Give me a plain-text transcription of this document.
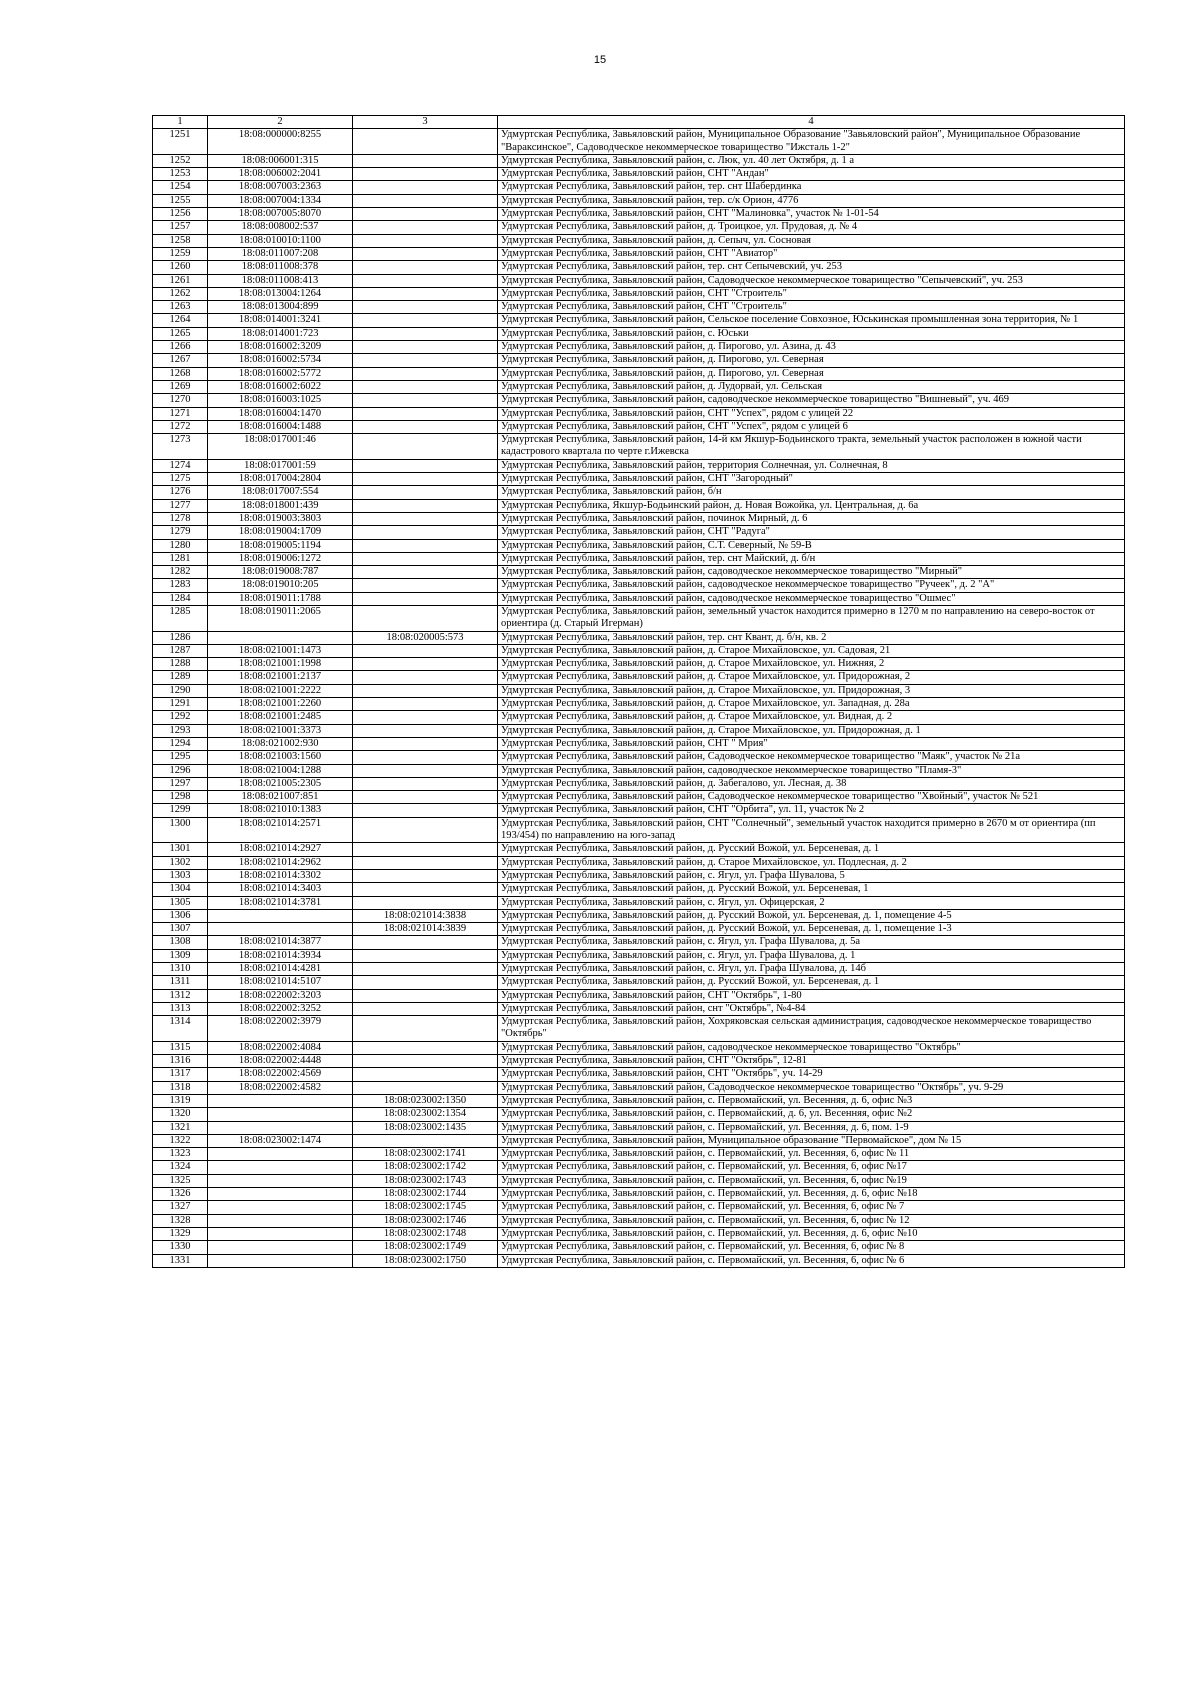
15
1	2	3	4
1251	18:08:000000:8255		Удмуртская Республика, Завьяловский район, Муниципальное Образование "Завьяловский район", Муниципальное Образование "Вараксинское", Садоводческое некоммерческое товарищество "Ижсталь 1-2"
1252	18:08:006001:315		Удмуртская Республика, Завьяловский район, с. Люк, ул. 40 лет Октября, д. 1 а
1253	18:08:006002:2041		Удмуртская Республика, Завьяловский район, СНТ "Андан"
1254	18:08:007003:2363		Удмуртская Республика, Завьяловский район, тер. снт Шабердинка
1255	18:08:007004:1334		Удмуртская Республика, Завьяловский район, тер. с/к Орион, 4776
1256	18:08:007005:8070		Удмуртская Республика, Завьяловский район, СНТ "Малиновка", участок № 1-01-54
1257	18:08:008002:537		Удмуртская Республика, Завьяловский район, д. Троицкое, ул. Прудовая, д. № 4
1258	18:08:010010:1100		Удмуртская Республика, Завьяловский район, д. Сепыч, ул. Сосновая
1259	18:08:011007:208		Удмуртская Республика, Завьяловский район, СНТ "Авиатор"
1260	18:08:011008:378		Удмуртская Республика, Завьяловский район, тер. снт Сепычевский, уч. 253
1261	18:08:011008:413		Удмуртская Республика, Завьяловский район, Садоводческое некоммерческое товарищество "Сепычевский", уч. 253
1262	18:08:013004:1264		Удмуртская Республика, Завьяловский район, СНТ "Строитель"
1263	18:08:013004:899		Удмуртская Республика, Завьяловский район, СНТ "Строитель"
1264	18:08:014001:3241		Удмуртская Республика, Завьяловский район, Сельское поселение Совхозное, Юськинская промышленная зона территория, № 1
1265	18:08:014001:723		Удмуртская Республика, Завьяловский район, с. Юськи
1266	18:08:016002:3209		Удмуртская Республика, Завьяловский район, д. Пирогово, ул. Азина, д. 43
1267	18:08:016002:5734		Удмуртская Республика, Завьяловский район, д. Пирогово, ул. Северная
1268	18:08:016002:5772		Удмуртская Республика, Завьяловский район, д. Пирогово, ул. Северная
1269	18:08:016002:6022		Удмуртская Республика, Завьяловский район, д. Лудорвай, ул. Сельская
1270	18:08:016003:1025		Удмуртская Республика, Завьяловский район, садоводческое некоммерческое товарищество "Вишневый", уч. 469
1271	18:08:016004:1470		Удмуртская Республика, Завьяловский район, СНТ "Успех", рядом с улицей 22
1272	18:08:016004:1488		Удмуртская Республика, Завьяловский район, СНТ "Успех", рядом с улицей 6
1273	18:08:017001:46		Удмуртская Республика, Завьяловский район, 14-й км Якшур-Бодьинского тракта, земельный участок расположен в южной части кадастрового квартала по черте г.Ижевска
1274	18:08:017001:59		Удмуртская Республика, Завьяловский район, территория Солнечная, ул. Солнечная, 8
1275	18:08:017004:2804		Удмуртская Республика, Завьяловский район, СНТ "Загородный"
1276	18:08:017007:554		Удмуртская Республика, Завьяловский район, б/н
1277	18:08:018001:439		Удмуртская Республика, Якшур-Бодьинский район, д. Новая Вожойка, ул. Центральная, д. 6а
1278	18:08:019003:3803		Удмуртская Республика, Завьяловский район, починок Мирный, д. 6
1279	18:08:019004:1709		Удмуртская Республика, Завьяловский район, СНТ "Радуга"
1280	18:08:019005:1194		Удмуртская Республика, Завьяловский район, С.Т. Северный, № 59-В
1281	18:08:019006:1272		Удмуртская Республика, Завьяловский район, тер. снт Майский, д. б/н
1282	18:08:019008:787		Удмуртская Республика, Завьяловский район, садоводческое некоммерческое товарищество "Мирный"
1283	18:08:019010:205		Удмуртская Республика, Завьяловский район, садоводческое некоммерческое товарищество "Ручеек", д. 2 "А"
1284	18:08:019011:1788		Удмуртская Республика, Завьяловский район, садоводческое некоммерческое товарищество "Ошмес"
1285	18:08:019011:2065		Удмуртская Республика, Завьяловский район, земельный участок находится примерно в 1270 м по направлению на северо-восток от ориентира (д. Старый Игерман)
1286		18:08:020005:573	Удмуртская Республика, Завьяловский район, тер. снт Квант, д. б/н, кв. 2
1287	18:08:021001:1473		Удмуртская Республика, Завьяловский район, д. Старое Михайловское, ул. Садовая, 21
1288	18:08:021001:1998		Удмуртская Республика, Завьяловский район, д. Старое Михайловское, ул. Нижняя, 2
1289	18:08:021001:2137		Удмуртская Республика, Завьяловский район, д. Старое Михайловское, ул. Придорожная, 2
1290	18:08:021001:2222		Удмуртская Республика, Завьяловский район, д. Старое Михайловское, ул. Придорожная, 3
1291	18:08:021001:2260		Удмуртская Республика, Завьяловский район, д. Старое Михайловское, ул. Западная, д. 28а
1292	18:08:021001:2485		Удмуртская Республика, Завьяловский район, д. Старое Михайловское, ул. Видная, д. 2
1293	18:08:021001:3373		Удмуртская Республика, Завьяловский район, д. Старое Михайловское, ул. Придорожная, д. 1
1294	18:08:021002:930		Удмуртская Республика, Завьяловский район, СНТ " Мрия"
1295	18:08:021003:1560		Удмуртская Республика, Завьяловский район, Садоводческое некоммерческое товарищество "Маяк", участок № 21а
1296	18:08:021004:1288		Удмуртская Республика, Завьяловский район, садоводческое некоммерческое товарищество "Пламя-3"
1297	18:08:021005:2305		Удмуртская Республика, Завьяловский район, д. Забегалово, ул. Лесная, д. 38
1298	18:08:021007:851		Удмуртская Республика, Завьяловский район, Садоводческое некоммерческое товарищество "Хвойный", участок № 521
1299	18:08:021010:1383		Удмуртская Республика, Завьяловский район, СНТ "Орбита", ул. 11, участок № 2
1300	18:08:021014:2571		Удмуртская Республика, Завьяловский район, СНТ "Солнечный", земельный участок находится примерно в 2670 м от ориентира (пп 193/454) по направлению на юго-запад
1301	18:08:021014:2927		Удмуртская Республика, Завьяловский район, д. Русский Вожой, ул. Берсеневая, д. 1
1302	18:08:021014:2962		Удмуртская Республика, Завьяловский район, д. Старое Михайловское, ул. Подлесная, д. 2
1303	18:08:021014:3302		Удмуртская Республика, Завьяловский район, с. Ягул, ул. Графа Шувалова, 5
1304	18:08:021014:3403		Удмуртская Республика, Завьяловский район, д. Русский Вожой, ул. Берсеневая, 1
1305	18:08:021014:3781		Удмуртская Республика, Завьяловский район, с. Ягул, ул. Офицерская, 2
1306		18:08:021014:3838	Удмуртская Республика, Завьяловский район, д. Русский Вожой, ул. Берсеневая, д. 1, помещение 4-5
1307		18:08:021014:3839	Удмуртская Республика, Завьяловский район, д. Русский Вожой, ул. Берсеневая, д. 1, помещение 1-3
1308	18:08:021014:3877		Удмуртская Республика, Завьяловский район, с. Ягул, ул. Графа Шувалова, д. 5а
1309	18:08:021014:3934		Удмуртская Республика, Завьяловский район, с. Ягул, ул. Графа Шувалова, д. 1
1310	18:08:021014:4281		Удмуртская Республика, Завьяловский район, с. Ягул, ул. Графа Шувалова, д. 14б
1311	18:08:021014:5107		Удмуртская Республика, Завьяловский район, д. Русский Вожой, ул. Берсеневая, д. 1
1312	18:08:022002:3203		Удмуртская Республика, Завьяловский район, СНТ "Октябрь", 1-80
1313	18:08:022002:3252		Удмуртская Республика, Завьяловский район, снт "Октябрь", №4-84
1314	18:08:022002:3979		Удмуртская Республика, Завьяловский район, Хохряковская сельская администрация, садоводческое некоммерческое товарищество "Октябрь"
1315	18:08:022002:4084		Удмуртская Республика, Завьяловский район, садоводческое некоммерческое товарищество "Октябрь"
1316	18:08:022002:4448		Удмуртская Республика, Завьяловский район, СНТ "Октябрь", 12-81
1317	18:08:022002:4569		Удмуртская Республика, Завьяловский район, СНТ "Октябрь", уч. 14-29
1318	18:08:022002:4582		Удмуртская Республика, Завьяловский район, Садоводческое некоммерческое товарищество "Октябрь", уч. 9-29
1319		18:08:023002:1350	Удмуртская Республика, Завьяловский район, с. Первомайский, ул. Весенняя, д. 6, офис №3
1320		18:08:023002:1354	Удмуртская Республика, Завьяловский район, с. Первомайский, д. 6, ул. Весенняя, офис №2
1321		18:08:023002:1435	Удмуртская Республика, Завьяловский район, с. Первомайский, ул. Весенняя, д. 6, пом. 1-9
1322	18:08:023002:1474		Удмуртская Республика, Завьяловский район, Муниципальное образование "Первомайское", дом № 15
1323		18:08:023002:1741	Удмуртская Республика, Завьяловский район, с. Первомайский, ул. Весенняя, 6, офис № 11
1324		18:08:023002:1742	Удмуртская Республика, Завьяловский район, с. Первомайский, ул. Весенняя, 6, офис №17
1325		18:08:023002:1743	Удмуртская Республика, Завьяловский район, с. Первомайский, ул. Весенняя, 6, офис №19
1326		18:08:023002:1744	Удмуртская Республика, Завьяловский район, с. Первомайский, ул. Весенняя, д. 6, офис №18
1327		18:08:023002:1745	Удмуртская Республика, Завьяловский район, с. Первомайский, ул. Весенняя, 6, офис № 7
1328		18:08:023002:1746	Удмуртская Республика, Завьяловский район, с. Первомайский, ул. Весенняя, 6, офис № 12
1329		18:08:023002:1748	Удмуртская Республика, Завьяловский район, с. Первомайский, ул. Весенняя, д. 6, офис №10
1330		18:08:023002:1749	Удмуртская Республика, Завьяловский район, с. Первомайский, ул. Весенняя, 6, офис № 8
1331		18:08:023002:1750	Удмуртская Республика, Завьяловский район, с. Первомайский, ул. Весенняя, 6, офис № 6
